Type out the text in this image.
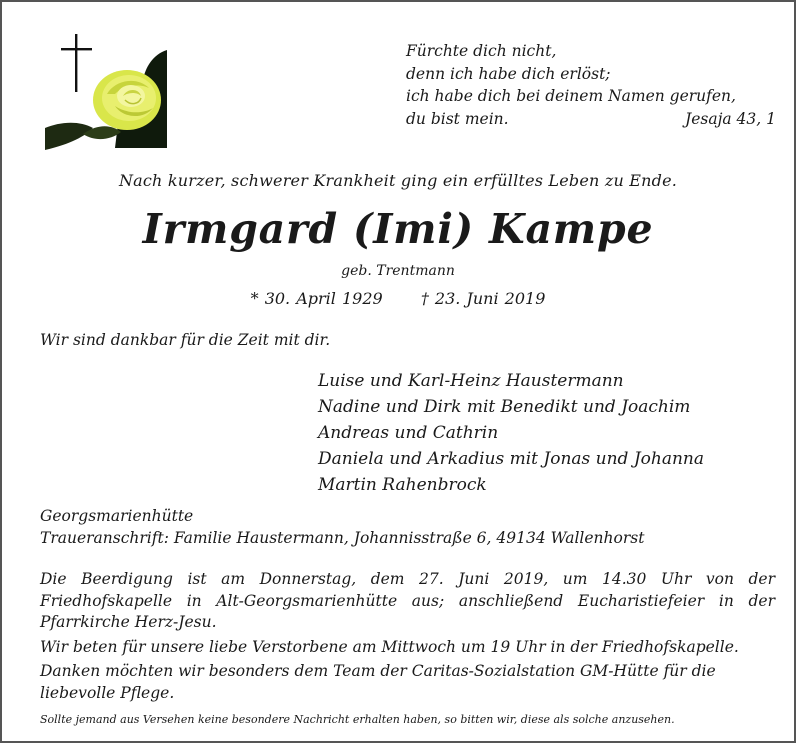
Fürchte dich nicht,
denn ich habe dich erlöst;
ich habe dich bei deinem Namen gerufen,
du bist mein.	Jesaja 43, 1
Nach kurzer, schwerer Krankheit ging ein erfülltes Leben zu Ende.
Irmgard (Imi) Kampe
geb. Trentmann
* 30. April 1929 † 23. Juni 2019
Wir sind dankbar für die Zeit mit dir.
Luise und Karl-Heinz Haustermann
Nadine und Dirk mit Benedikt und Joachim
Andreas und Cathrin
Daniela und Arkadius mit Jonas und Johanna
Martin Rahenbrock
Georgsmarienhütte
Traueranschrift: Familie Haustermann, Johannisstraße 6, 49134 Wallenhorst

Die Beerdigung ist am Donnerstag, dem 27. Juni 2019, um 14.30 Uhr von der Friedhofskapelle in Alt-Georgsmarienhütte aus; anschließend Eucharistiefeier in der Pfarrkirche Herz-Jesu.

Wir beten für unsere liebe Verstorbene am Mittwoch um 19 Uhr in der Friedhofskapelle.

Danken möchten wir besonders dem Team der Caritas-Sozialstation GM-Hütte für die liebevolle Pflege.

Sollte jemand aus Versehen keine besondere Nachricht erhalten haben, so bitten wir, diese als solche anzusehen.
